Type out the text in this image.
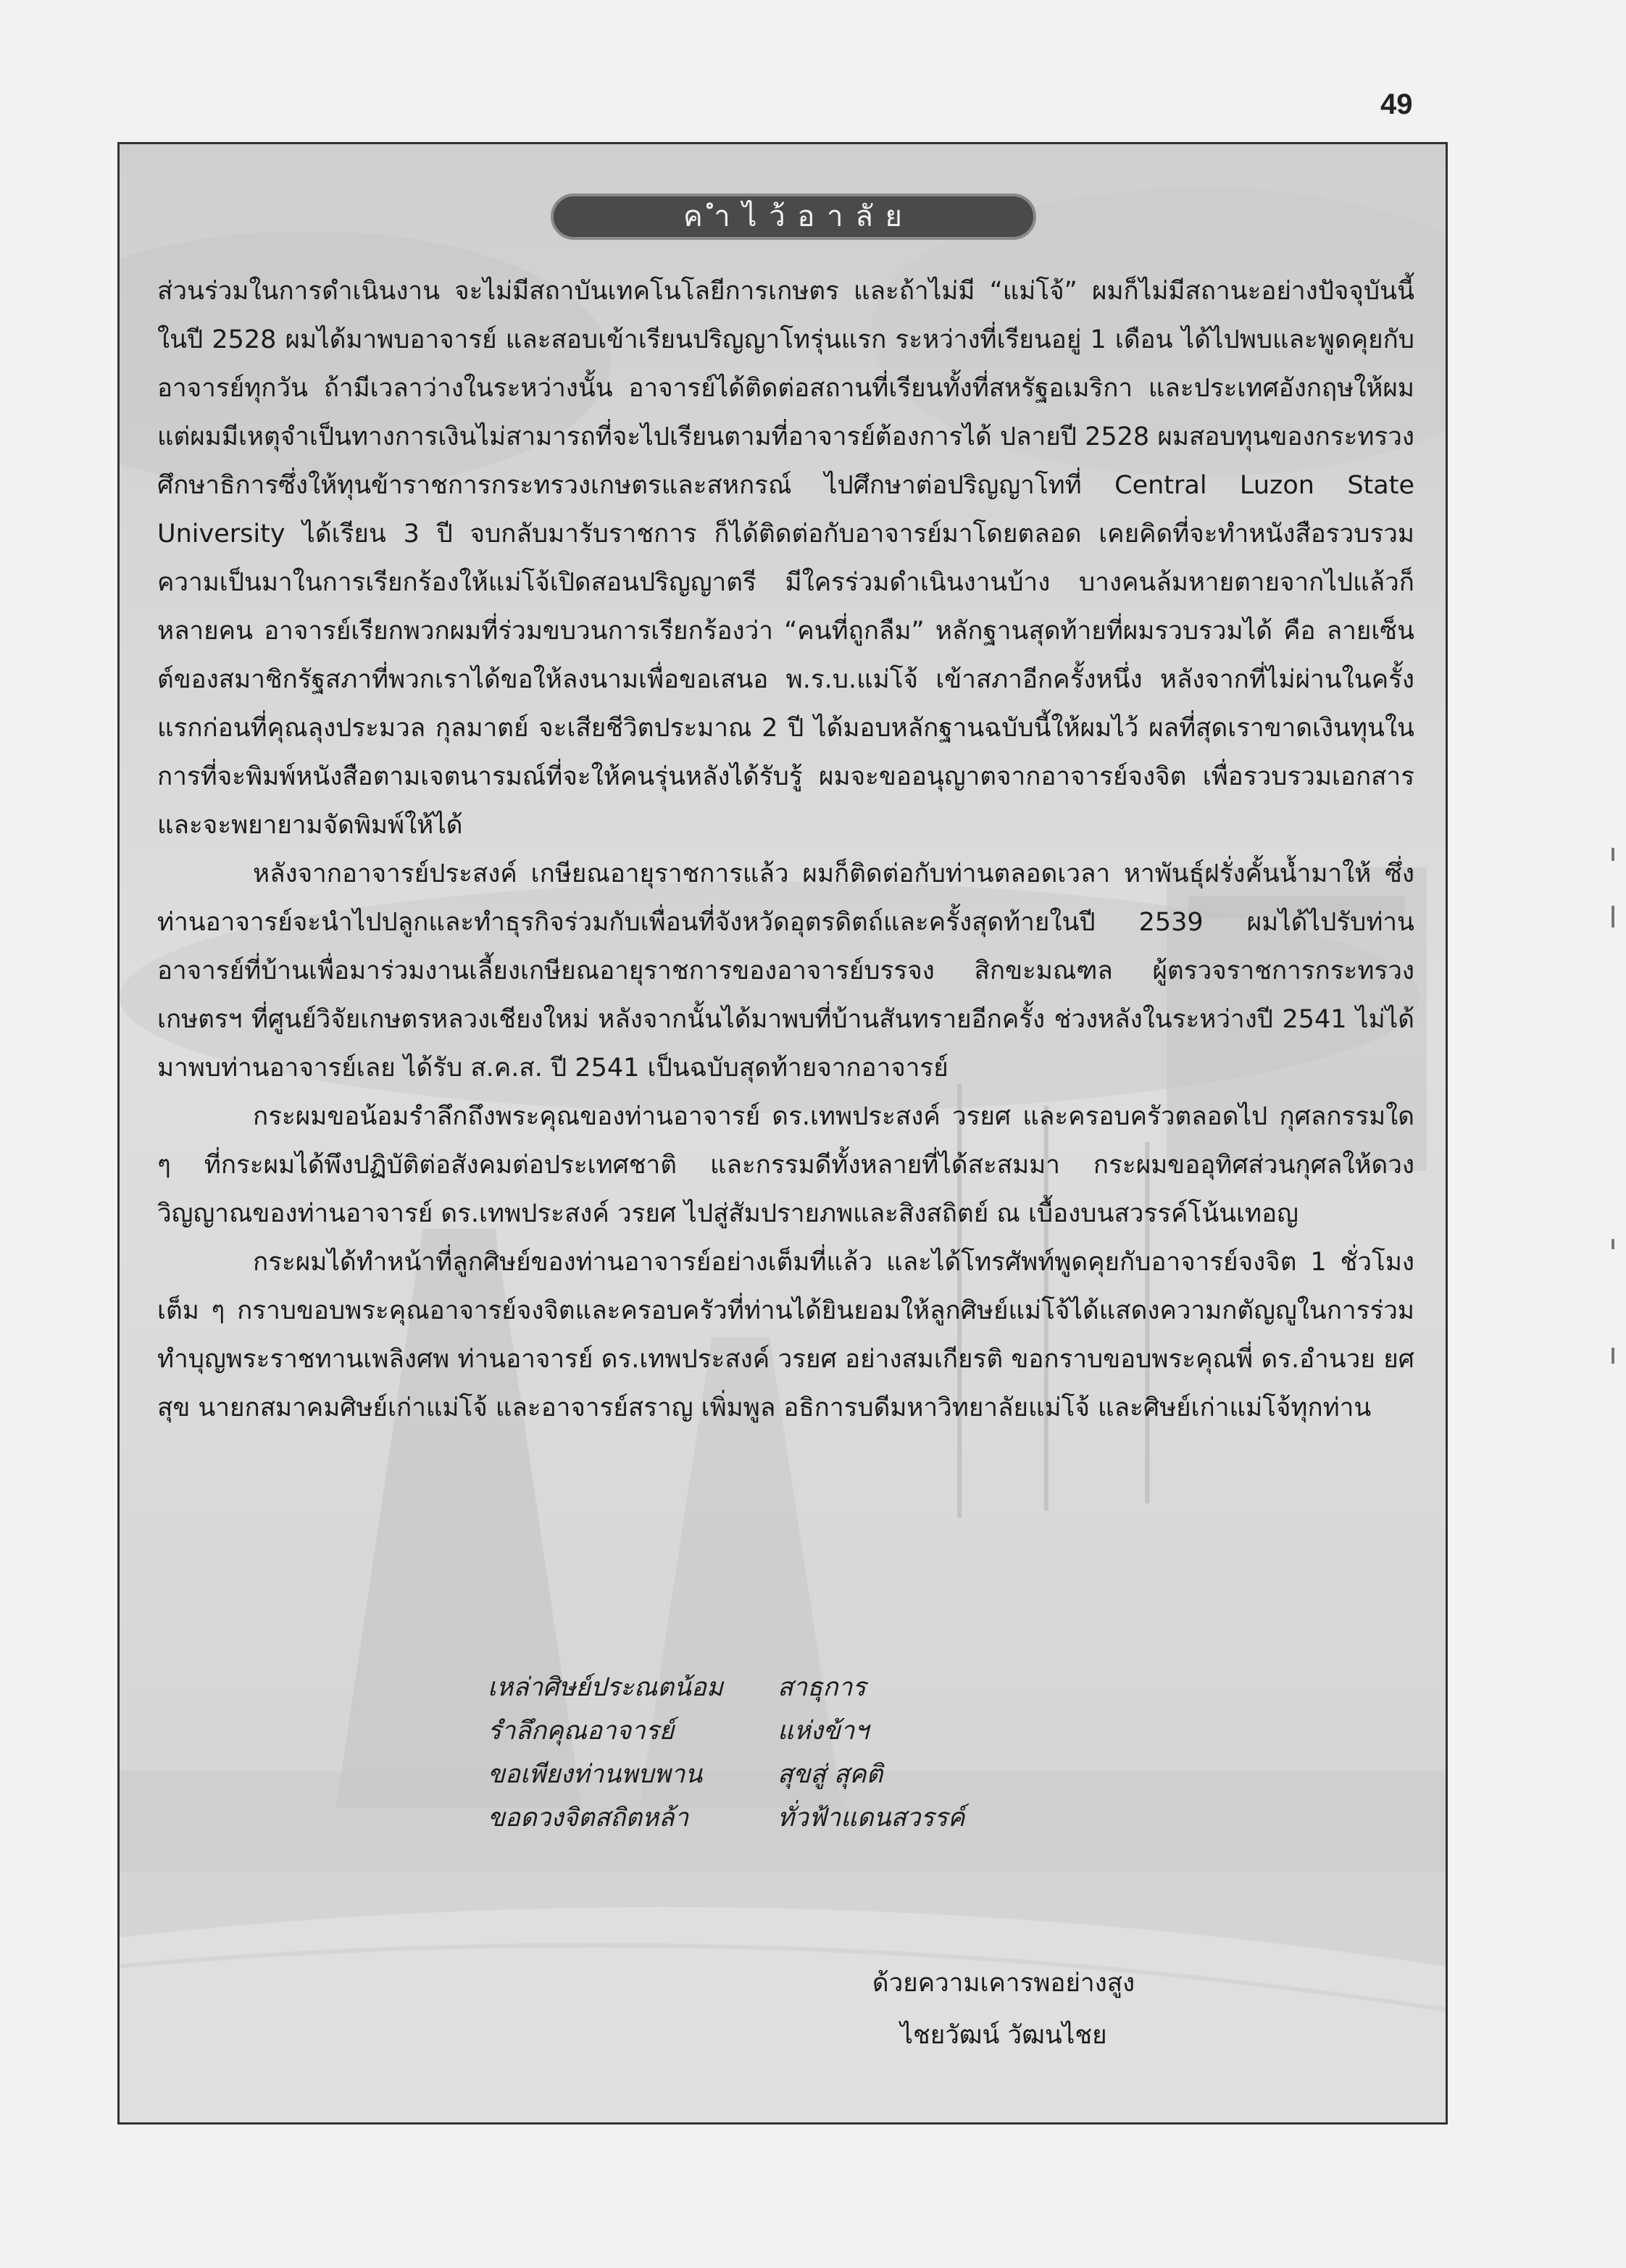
49
ค ำ ไ ว้ อ า ลั ย

ส่วนร่วมในการดำเนินงาน จะไม่มีสถาบันเทคโนโลยีการเกษตร และถ้าไม่มี “แม่โจ้” ผมก็ไม่มีสถานะอย่างปัจจุบันนี้ ในปี 2528 ผมได้มาพบอาจารย์ และสอบเข้าเรียนปริญญาโทรุ่นแรก ระหว่างที่เรียนอยู่ 1 เดือน ได้ไปพบและพูดคุยกับอาจารย์ทุกวัน ถ้ามีเวลาว่างในระหว่างนั้น อาจารย์ได้ติดต่อสถานที่เรียนทั้งที่สหรัฐอเมริกา และประเทศอังกฤษให้ผม แต่ผมมีเหตุจำเป็นทางการเงินไม่สามารถที่จะไปเรียนตามที่อาจารย์ต้องการได้ ปลายปี 2528 ผมสอบทุนของกระทรวงศึกษาธิการซึ่งให้ทุนข้าราชการกระทรวงเกษตรและสหกรณ์ ไปศึกษาต่อปริญญาโทที่ Central Luzon State University ได้เรียน 3 ปี จบกลับมารับราชการ ก็ได้ติดต่อกับอาจารย์มาโดยตลอด เคยคิดที่จะทำหนังสือรวบรวมความเป็นมาในการเรียกร้องให้แม่โจ้เปิดสอนปริญญาตรี มีใครร่วมดำเนินงานบ้าง บางคนล้มหายตายจากไปแล้วก็หลายคน อาจารย์เรียกพวกผมที่ร่วมขบวนการเรียกร้องว่า “คนที่ถูกลืม” หลักฐานสุดท้ายที่ผมรวบรวมได้ คือ ลายเซ็นต์ของสมาชิกรัฐสภาที่พวกเราได้ขอให้ลงนามเพื่อขอเสนอ พ.ร.บ.แม่โจ้ เข้าสภาอีกครั้งหนึ่ง หลังจากที่ไม่ผ่านในครั้งแรกก่อนที่คุณลุงประมวล กุลมาตย์ จะเสียชีวิตประมาณ 2 ปี ได้มอบหลักฐานฉบับนี้ให้ผมไว้ ผลที่สุดเราขาดเงินทุนในการที่จะพิมพ์หนังสือตามเจตนารมณ์ที่จะให้คนรุ่นหลังได้รับรู้ ผมจะขออนุญาตจากอาจารย์จงจิต เพื่อรวบรวมเอกสารและจะพยายามจัดพิมพ์ให้ได้

หลังจากอาจารย์ประสงค์ เกษียณอายุราชการแล้ว ผมก็ติดต่อกับท่านตลอดเวลา หาพันธุ์ฝรั่งคั้นน้ำมาให้ ซึ่งท่านอาจารย์จะนำไปปลูกและทำธุรกิจร่วมกับเพื่อนที่จังหวัดอุตรดิตถ์และครั้งสุดท้ายในปี 2539 ผมได้ไปรับท่านอาจารย์ที่บ้านเพื่อมาร่วมงานเลี้ยงเกษียณอายุราชการของอาจารย์บรรจง สิกขะมณฑล ผู้ตรวจราชการกระทรวงเกษตรฯ ที่ศูนย์วิจัยเกษตรหลวงเชียงใหม่ หลังจากนั้นได้มาพบที่บ้านสันทรายอีกครั้ง ช่วงหลังในระหว่างปี 2541 ไม่ได้มาพบท่านอาจารย์เลย ได้รับ ส.ค.ส. ปี 2541 เป็นฉบับสุดท้ายจากอาจารย์

กระผมขอน้อมรำลึกถึงพระคุณของท่านอาจารย์ ดร.เทพประสงค์ วรยศ และครอบครัวตลอดไป กุศลกรรมใด ๆ ที่กระผมได้พึงปฏิบัติต่อสังคมต่อประเทศชาติ และกรรมดีทั้งหลายที่ได้สะสมมา กระผมขออุทิศส่วนกุศลให้ดวงวิญญาณของท่านอาจารย์ ดร.เทพประสงค์ วรยศ ไปสู่สัมปรายภพและสิงสถิตย์ ณ เบื้องบนสวรรค์โน้นเทอญ

กระผมได้ทำหน้าที่ลูกศิษย์ของท่านอาจารย์อย่างเต็มที่แล้ว และได้โทรศัพท์พูดคุยกับอาจารย์จงจิต 1 ชั่วโมงเต็ม ๆ กราบขอบพระคุณอาจารย์จงจิตและครอบครัวที่ท่านได้ยินยอมให้ลูกศิษย์แม่โจ้ได้แสดงความกตัญญูในการร่วมทำบุญพระราชทานเพลิงศพ ท่านอาจารย์ ดร.เทพประสงค์ วรยศ อย่างสมเกียรติ ขอกราบขอบพระคุณพี่ ดร.อำนวย ยศสุข นายกสมาคมศิษย์เก่าแม่โจ้ และอาจารย์สราญ เพิ่มพูล อธิการบดีมหาวิทยาลัยแม่โจ้ และศิษย์เก่าแม่โจ้ทุกท่าน

เหล่าศิษย์ประณตน้อม	สาธุการ
รำลึกคุณอาจารย์	แห่งข้าฯ
ขอเพียงท่านพบพาน	สุขสู่ สุคติ
ขอดวงจิตสถิตหล้า	ทั่วฟ้าแดนสวรรค์
ด้วยความเคารพอย่างสูง
ไชยวัฒน์ วัฒนไชย
